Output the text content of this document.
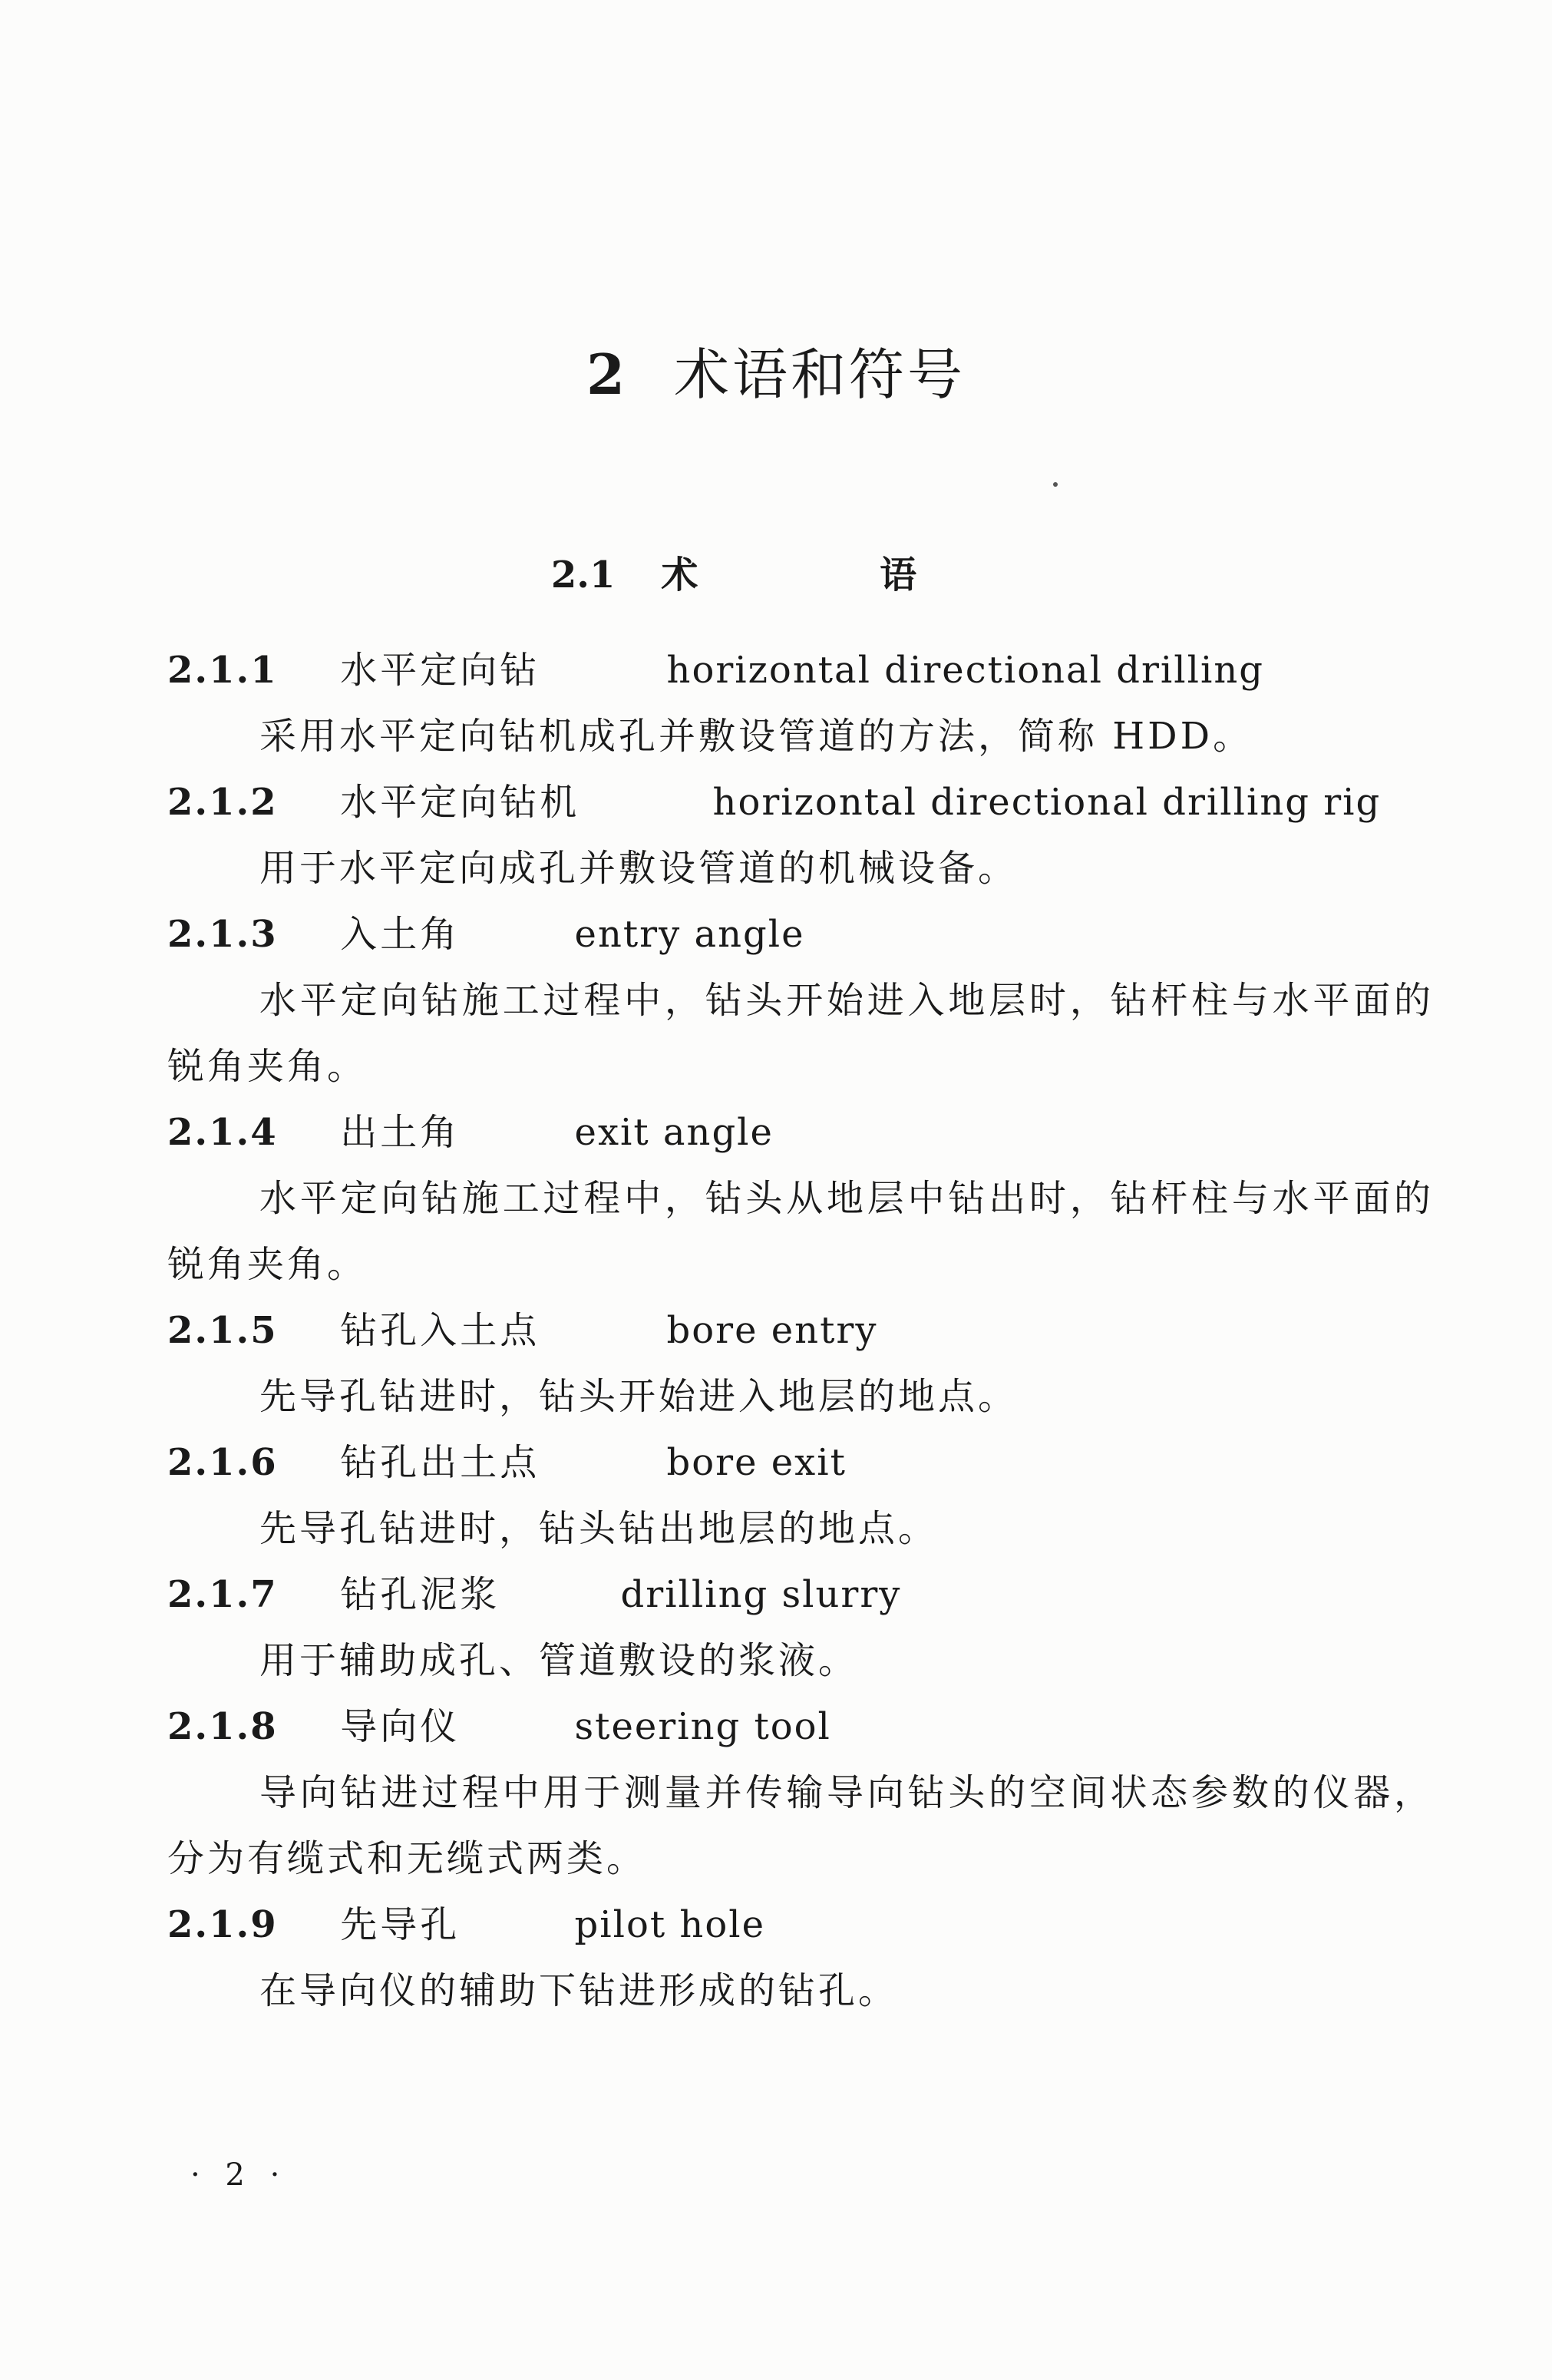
2 术语和符号
2.1 术 语
2.1.1 水平定向钻	horizontal directional drilling
采用水平定向钻机成孔并敷设管道的方法，简称 HDD。
2.1.2 水平定向钻机	horizontal directional drilling rig
用于水平定向成孔并敷设管道的机械设备。
2.1.3 入土角	entry angle
水平定向钻施工过程中，钻头开始进入地层时，钻杆柱与水平面的锐角夹角。
2.1.4 出土角	exit angle
水平定向钻施工过程中，钻头从地层中钻出时，钻杆柱与水平面的锐角夹角。
2.1.5 钻孔入土点	bore entry
先导孔钻进时，钻头开始进入地层的地点。
2.1.6 钻孔出土点	bore exit
先导孔钻进时，钻头钻出地层的地点。
2.1.7 钻孔泥浆	drilling slurry
用于辅助成孔、管道敷设的浆液。
2.1.8 导向仪	steering tool
导向钻进过程中用于测量并传输导向钻头的空间状态参数的仪器，分为有缆式和无缆式两类。
2.1.9 先导孔	pilot hole
在导向仪的辅助下钻进形成的钻孔。
· 2 ·
